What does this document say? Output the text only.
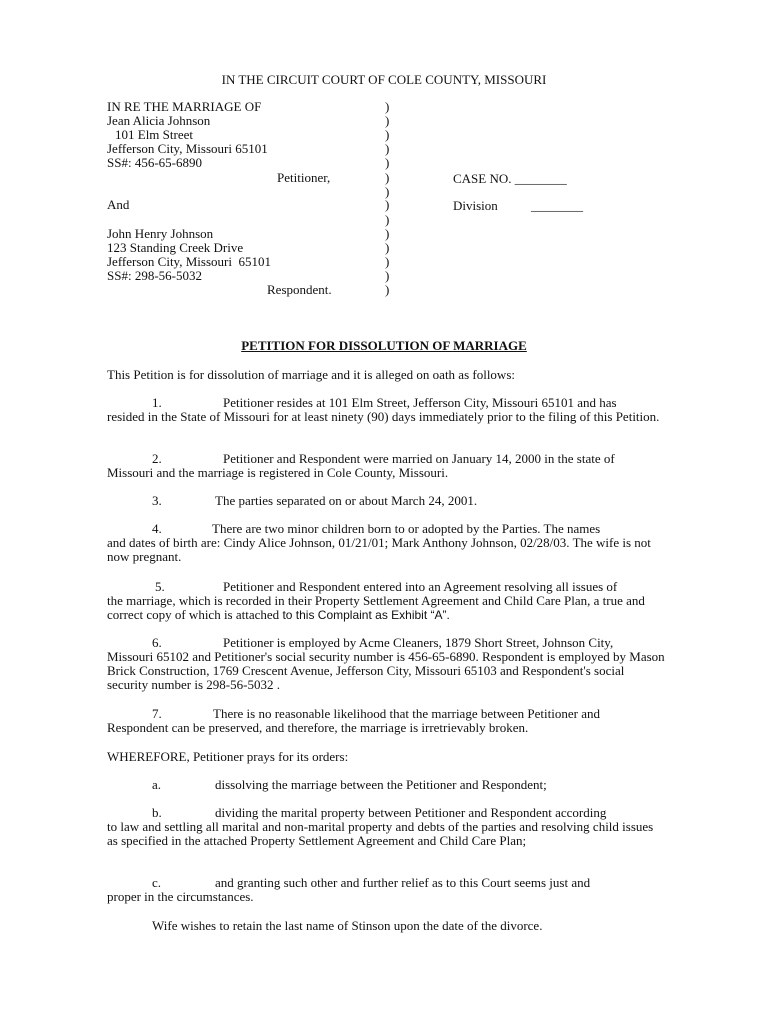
IN THE CIRCUIT COURT OF COLE COUNTY, MISSOURI
IN RE THE MARRIAGE OF
Jean Alicia Johnson
101 Elm Street
Jefferson City, Missouri 65101
SS#: 456-65-6890
Petitioner,
And
John Henry Johnson
123 Standing Creek Drive
Jefferson City, Missouri  65101
SS#: 298-56-5032
Respondent.
)
)
)
)
)
)
)
)
)
)
)
)
)
)
CASE NO. ________
Division	________
PETITION FOR DISSOLUTION OF MARRIAGE
This Petition is for dissolution of marriage and it is alleged on oath as follows:
1.	Petitioner resides at 101 Elm Street, Jefferson City, Missouri 65101 and has
resided in the State of Missouri for at least ninety (90) days immediately prior to the filing of this Petition.
2.	Petitioner and Respondent were married on January 14, 2000 in the state of
Missouri and the marriage is registered in Cole County, Missouri.
3.	The parties separated on or about March 24, 2001.
4.	There are two minor children born to or adopted by the Parties. The names
and dates of birth are: Cindy Alice Johnson, 01/21/01; Mark Anthony Johnson, 02/28/03. The wife is not now pregnant.
5.	Petitioner and Respondent entered into an Agreement resolving all issues of
the marriage, which is recorded in their Property Settlement Agreement and Child Care Plan, a true and correct copy of which is attached to this Complaint as Exhibit “A”.
6.	Petitioner is employed by Acme Cleaners, 1879 Short Street, Johnson City,
Missouri 65102 and Petitioner's social security number is 456-65-6890. Respondent is employed by Mason Brick Construction, 1769 Crescent Avenue, Jefferson City, Missouri 65103 and Respondent's social security number is 298-56-5032 .
7.	There is no reasonable likelihood that the marriage between Petitioner and
Respondent can be preserved, and therefore, the marriage is irretrievably broken.
WHEREFORE, Petitioner prays for its orders:
a.	dissolving the marriage between the Petitioner and Respondent;
b.	dividing the marital property between Petitioner and Respondent according
to law and settling all marital and non-marital property and debts of the parties and resolving child issues as specified in the attached Property Settlement Agreement and Child Care Plan;
c.	and granting such other and further relief as to this Court seems just and
proper in the circumstances.
Wife wishes to retain the last name of Stinson upon the date of the divorce.
